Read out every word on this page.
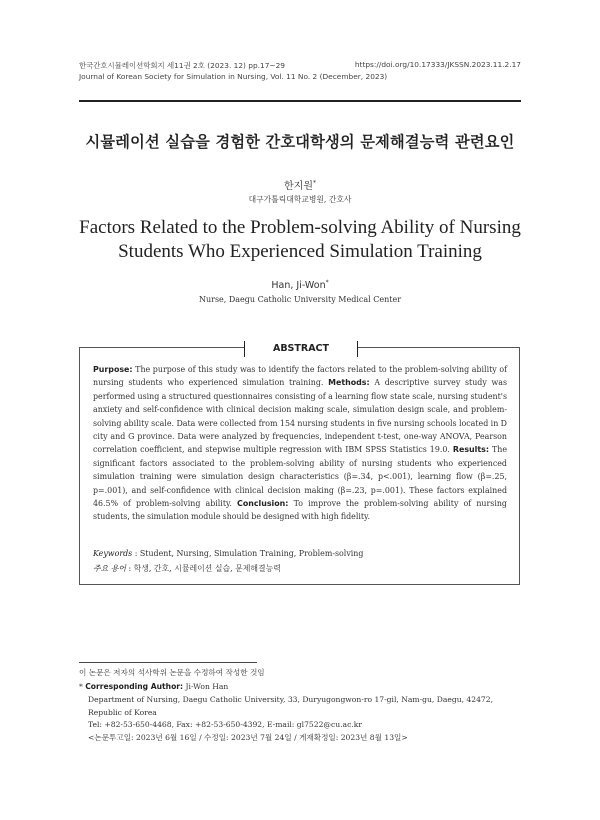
한국간호시뮬레이션학회지 세11권 2호 (2023. 12) pp.17~29
Journal of Korean Society for Simulation in Nursing, Vol. 11 No. 2 (December, 2023)
https://doi.org/10.17333/JKSSN.2023.11.2.17
시뮬레이션 실습을 경험한 간호대학생의 문제해결능력 관련요인
한지원*
대구가톨릭대학교병원, 간호사
Factors Related to the Problem-solving Ability of Nursing
Students Who Experienced Simulation Training
Han, Ji-Won*
Nurse, Daegu Catholic University Medical Center
ABSTRACT
Purpose: The purpose of this study was to identify the factors related to the problem-solving ability of nursing students who experienced simulation training. Methods: A descriptive survey study was performed using a structured questionnaires consisting of a learning flow state scale, nursing student's anxiety and self-confidence with clinical decision making scale, simulation design scale, and problem-solving ability scale. Data were collected from 154 nursing students in five nursing schools located in D city and G province. Data were analyzed by frequencies, independent t-test, one-way ANOVA, Pearson correlation coefficient, and stepwise multiple regression with IBM SPSS Statistics 19.0. Results: The significant factors associated to the problem-solving ability of nursing students who experienced simulation training were simulation design characteristics (β=.34, p<.001), learning flow (β=.25, p=.001), and self-confidence with clinical decision making (β=.23, p=.001). These factors explained 46.5% of problem-solving ability. Conclusion: To improve the problem-solving ability of nursing students, the simulation module should be designed with high fidelity.
Keywords : Student, Nursing, Simulation Training, Problem-solving
주요 용어 : 학생, 간호, 시뮬레이션 실습, 문제해결능력
이 논문은 저자의 석사학위 논문을 수정하여 작성한 것임
* Corresponding Author: Ji-Won Han
Department of Nursing, Daegu Catholic University, 33, Duryugongwon-ro 17-gil, Nam-gu, Daegu, 42472, Republic of Korea
Tel: +82-53-650-4468, Fax: +82-53-650-4392, E-mail: gl7522@cu.ac.kr
<논문투고일: 2023년 6월 16일 / 수정일: 2023년 7월 24일 / 게재확정일: 2023년 8월 13일>
